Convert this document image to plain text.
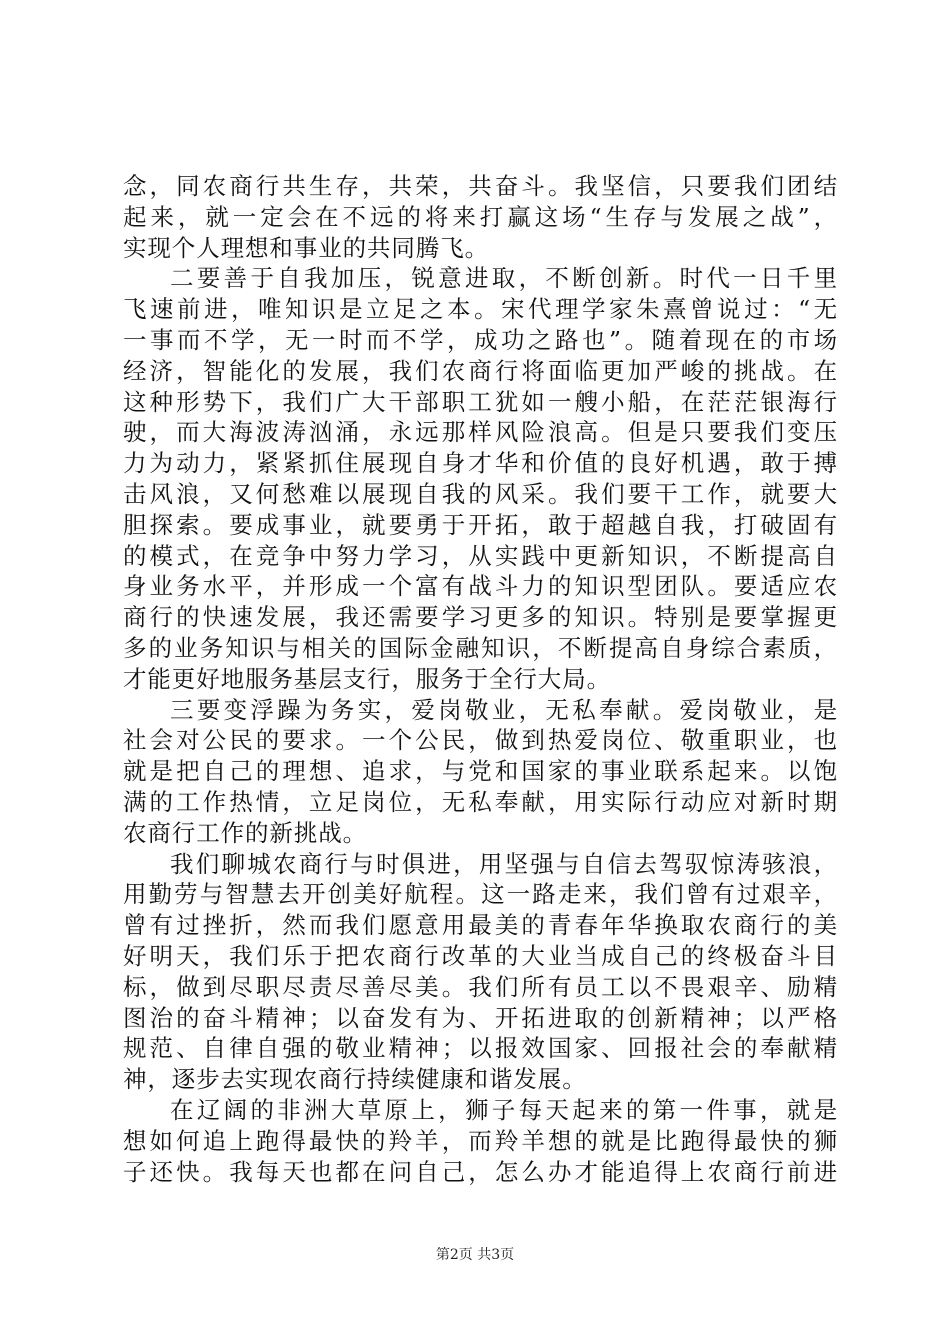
念，同农商行共生存，共荣，共奋斗。我坚信，只要我们团结
起来，就一定会在不远的将来打赢这场“生存与发展之战”，
实现个人理想和事业的共同腾飞。
二要善于自我加压，锐意进取，不断创新。时代一日千里
飞速前进，唯知识是立足之本。宋代理学家朱熹曾说过：“无
一事而不学，无一时而不学，成功之路也”。随着现在的市场
经济，智能化的发展，我们农商行将面临更加严峻的挑战。在
这种形势下，我们广大干部职工犹如一艘小船，在茫茫银海行
驶，而大海波涛汹涌，永远那样风险浪高。但是只要我们变压
力为动力，紧紧抓住展现自身才华和价值的良好机遇，敢于搏
击风浪，又何愁难以展现自我的风采。我们要干工作，就要大
胆探索。要成事业，就要勇于开拓，敢于超越自我，打破固有
的模式，在竞争中努力学习，从实践中更新知识，不断提高自
身业务水平，并形成一个富有战斗力的知识型团队。要适应农
商行的快速发展，我还需要学习更多的知识。特别是要掌握更
多的业务知识与相关的国际金融知识，不断提高自身综合素质，
才能更好地服务基层支行，服务于全行大局。
三要变浮躁为务实，爱岗敬业，无私奉献。爱岗敬业，是
社会对公民的要求。一个公民，做到热爱岗位、敬重职业，也
就是把自己的理想、追求，与党和国家的事业联系起来。以饱
满的工作热情，立足岗位，无私奉献，用实际行动应对新时期
农商行工作的新挑战。
我们聊城农商行与时俱进，用坚强与自信去驾驭惊涛骇浪，
用勤劳与智慧去开创美好航程。这一路走来，我们曾有过艰辛，
曾有过挫折，然而我们愿意用最美的青春年华换取农商行的美
好明天，我们乐于把农商行改革的大业当成自己的终极奋斗目
标，做到尽职尽责尽善尽美。我们所有员工以不畏艰辛、励精
图治的奋斗精神；以奋发有为、开拓进取的创新精神；以严格
规范、自律自强的敬业精神；以报效国家、回报社会的奉献精
神，逐步去实现农商行持续健康和谐发展。
在辽阔的非洲大草原上，狮子每天起来的第一件事，就是
想如何追上跑得最快的羚羊，而羚羊想的就是比跑得最快的狮
子还快。我每天也都在问自己，怎么办才能追得上农商行前进
第2页 共3页
